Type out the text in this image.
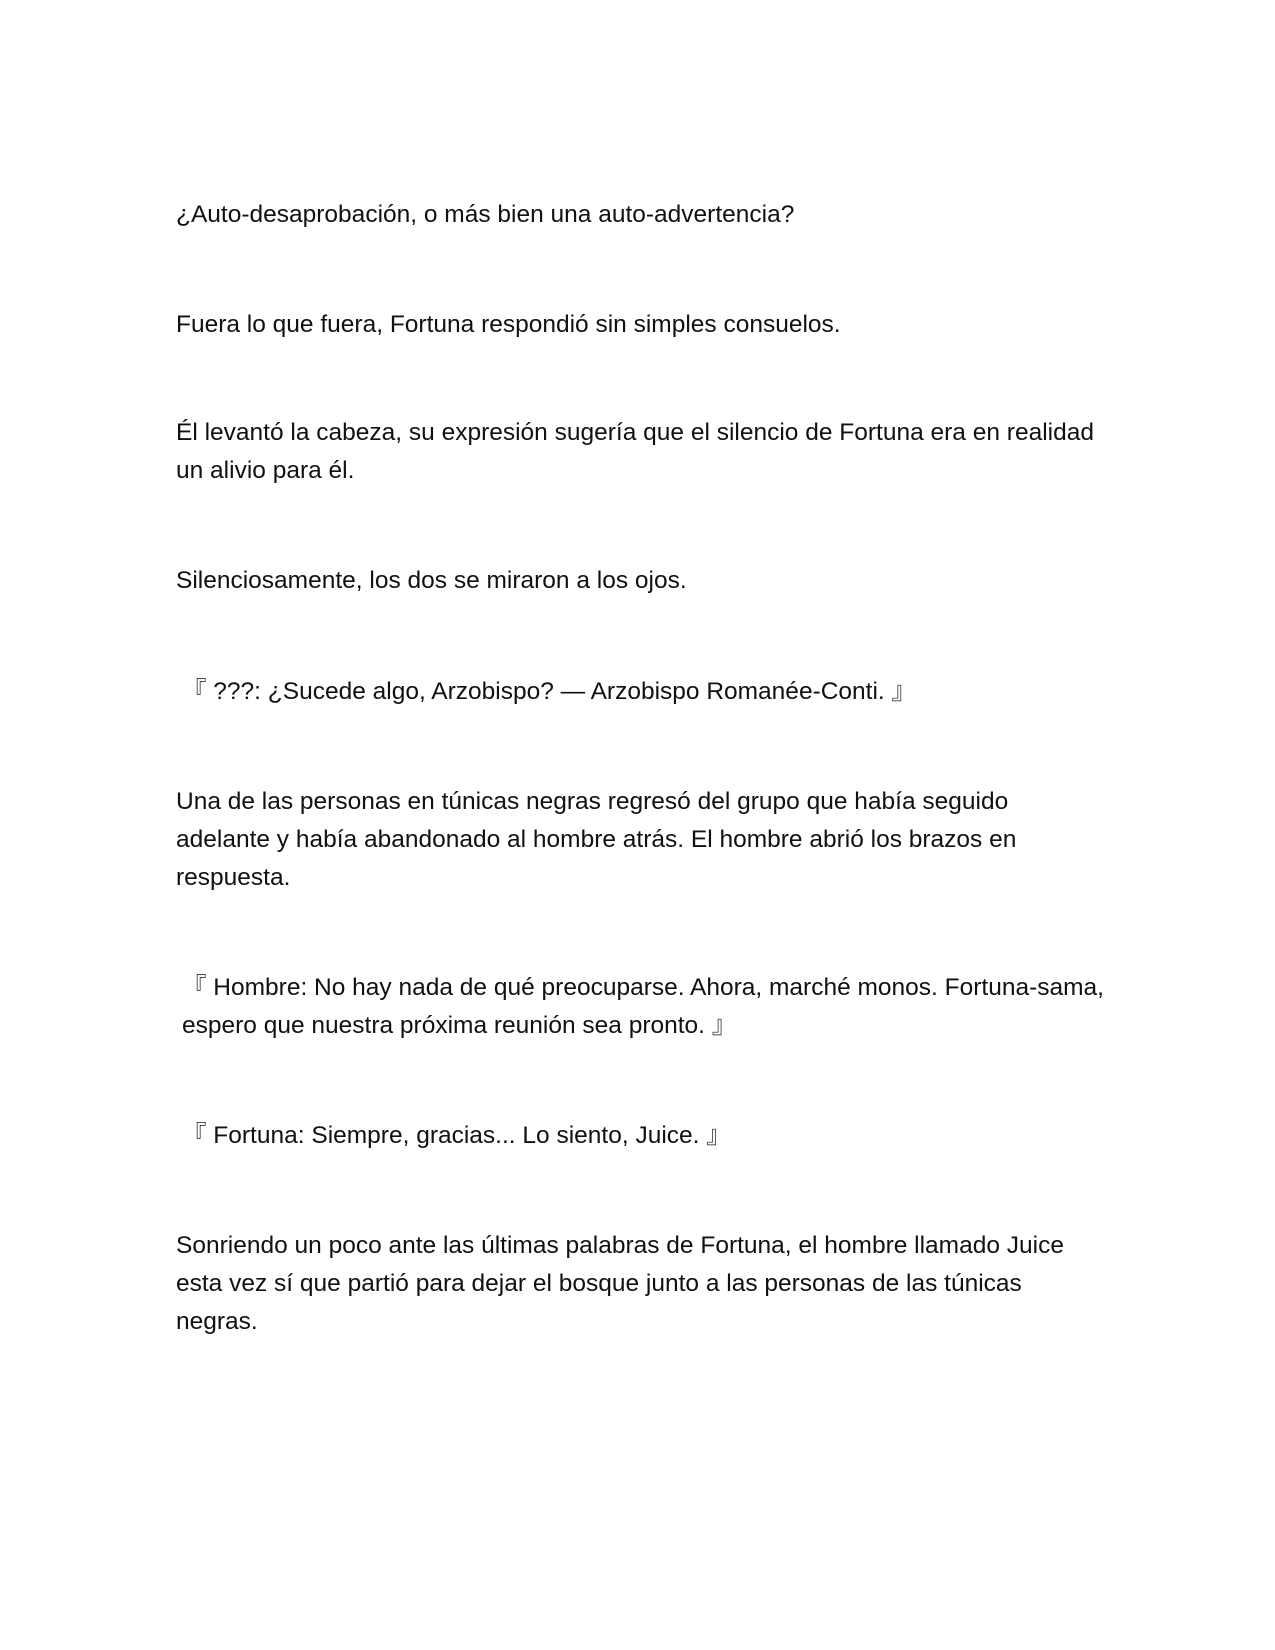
¿Auto-desaprobación, o más bien una auto-advertencia?

Fuera lo que fuera, Fortuna respondió sin simples consuelos.

Él levantó la cabeza, su expresión sugería que el silencio de Fortuna era en realidad un alivio para él.

Silenciosamente, los dos se miraron a los ojos.

『 ???: ¿Sucede algo, Arzobispo? — Arzobispo Romanée-Conti. 』

Una de las personas en túnicas negras regresó del grupo que había seguido adelante y había abandonado al hombre atrás. El hombre abrió los brazos en respuesta.

『 Hombre: No hay nada de qué preocuparse. Ahora, marché monos. Fortuna-sama, espero que nuestra próxima reunión sea pronto. 』

『 Fortuna: Siempre, gracias... Lo siento, Juice. 』

Sonriendo un poco ante las últimas palabras de Fortuna, el hombre llamado Juice esta vez sí que partió para dejar el bosque junto a las personas de las túnicas negras.
